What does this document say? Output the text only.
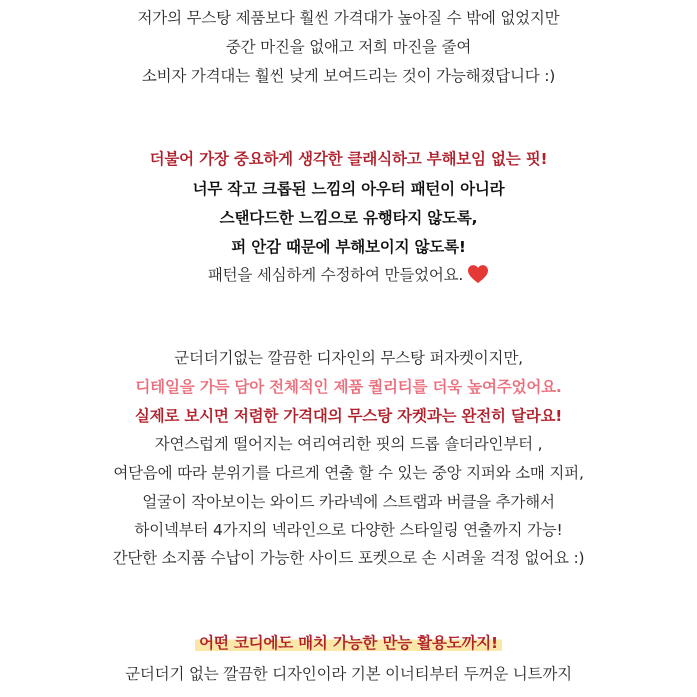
저가의 무스탕 제품보다 훨씬 가격대가 높아질 수 밖에 없었지만
중간 마진을 없애고 저희 마진을 줄여
소비자 가격대는 훨씬 낮게 보여드리는 것이 가능해졌답니다 :)
더불어 가장 중요하게 생각한 클래식하고 부해보임 없는 핏!
너무 작고 크롭된 느낌의 아우터 패턴이 아니라
스탠다드한 느낌으로 유행타지 않도록,
퍼 안감 때문에 부해보이지 않도록!
패턴을 세심하게 수정하여 만들었어요.
군더더기없는 깔끔한 디자인의 무스탕 퍼자켓이지만,
디테일을 가득 담아 전체적인 제품 퀄리티를 더욱 높여주었어요.
실제로 보시면 저렴한 가격대의 무스탕 자켓과는 완전히 달라요!
자연스럽게 떨어지는 여리여리한 핏의 드롭 숄더라인부터 ,
여닫음에 따라 분위기를 다르게 연출 할 수 있는 중앙 지퍼와 소매 지퍼,
얼굴이 작아보이는 와이드 카라넥에 스트랩과 버클을 추가해서
하이넥부터 4가지의 넥라인으로 다양한 스타일링 연출까지 가능!
간단한 소지품 수납이 가능한 사이드 포켓으로 손 시려울 걱정 없어요 :)
어떤 코디에도 매치 가능한 만능 활용도까지!
군더더기 없는 깔끔한 디자인이라 기본 이너티부터 두꺼운 니트까지
